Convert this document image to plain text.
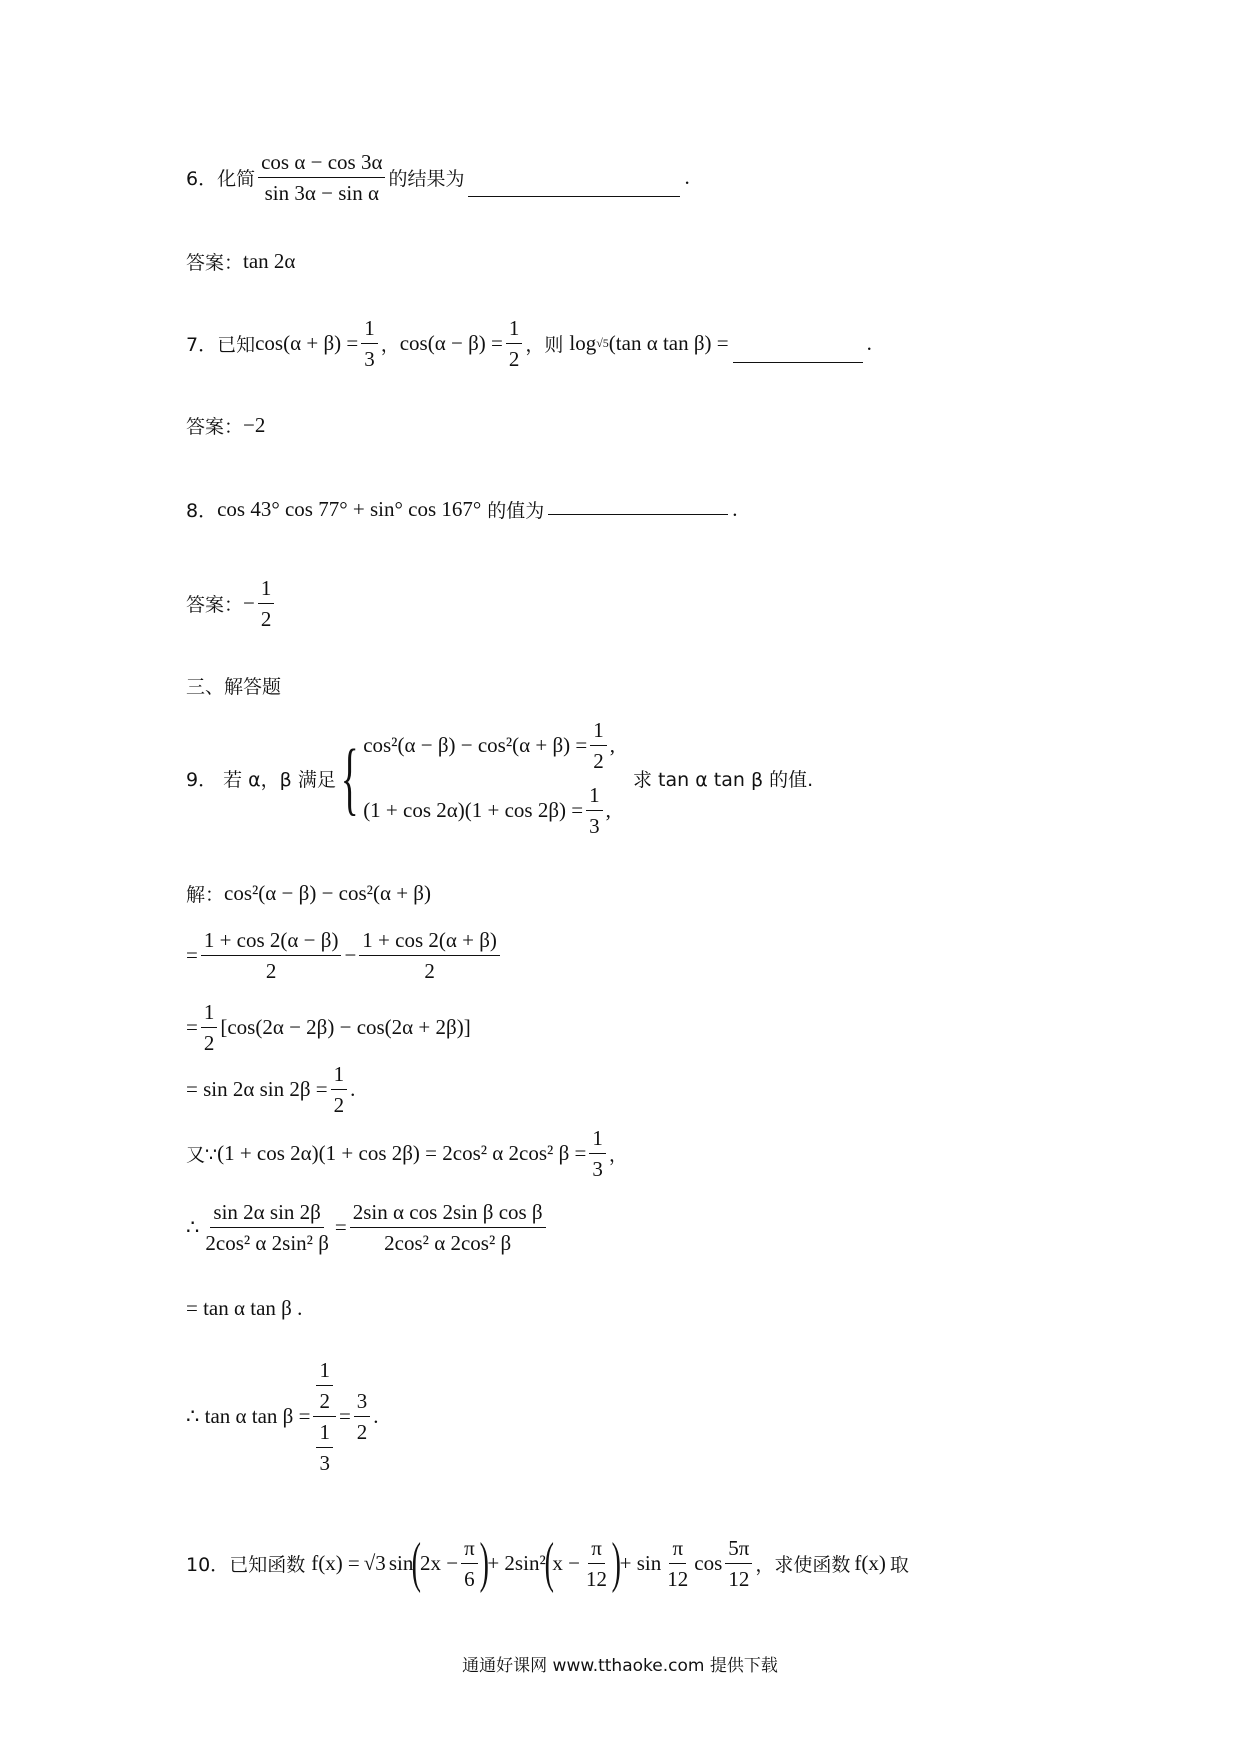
6． 化简 $\frac{\text{cos α − cos 3α}}{\text{sin 3α − sin α}}$ 的结果为	.
答案： tan 2α
7． 已知 $\cos(\alpha + \beta) = \frac{1}{3}$ ， $\cos(\alpha - \beta) = \frac{1}{2}$ ，则 log √5 (tan α tan β) =	.
答案： −2
8． cos 43° cos 77° + sin° cos 167° 的值为	.
答案： − $\frac{1}{2}$
三、解答题
9． 若 α，β 满足 { $\cos^2(\alpha - \beta) - \cos^2(\alpha + \beta) = \frac{1}{2}$ ,
$(1 + \cos 2\alpha)(1 + \cos 2\beta) = \frac{1}{3}$ ,
求 tan α tan β 的值.
解： cos²(α − β) − cos²(α + β)
= $\frac{1 + \cos 2(\alpha - \beta)}{2} - \frac{1 + \cos 2(\alpha + \beta)}{2}$
= $\frac{1}{2} [\cos(2\alpha - 2\beta) - \cos(2\alpha + 2\beta)]$
= sin 2α $\sin 2\beta = \frac{1}{2}$ .
又∵ (1 + cos 2α)(1 + cos 2β) = 2cos² α 2cos² $\beta = \frac{1}{3}$ ，
∴ $\frac{\text{sin 2α sin 2β}}{\text{2cos² α 2sin² β}} = \frac{\text{2sin α cos 2sin β cos β}}{\text{2cos² α 2cos² β}}$
= tan α tan β .
∴ tan α $\tan \beta = \frac{\frac{1}{2}}{\frac{1}{3}} = \frac{3}{2}$ .
10． 已知函数 f(x) = √3 sin
(
$2x - \frac{\pi}{6}$ )
+ 2sin²
(
$x - \frac{\pi}{12}$ )
+ $\sin \frac{\pi}{12}$ $\cos \frac{5\pi}{12}$ ，求使函数 f(x) 取
通通好课网 www.tthaoke.com 提供下载
